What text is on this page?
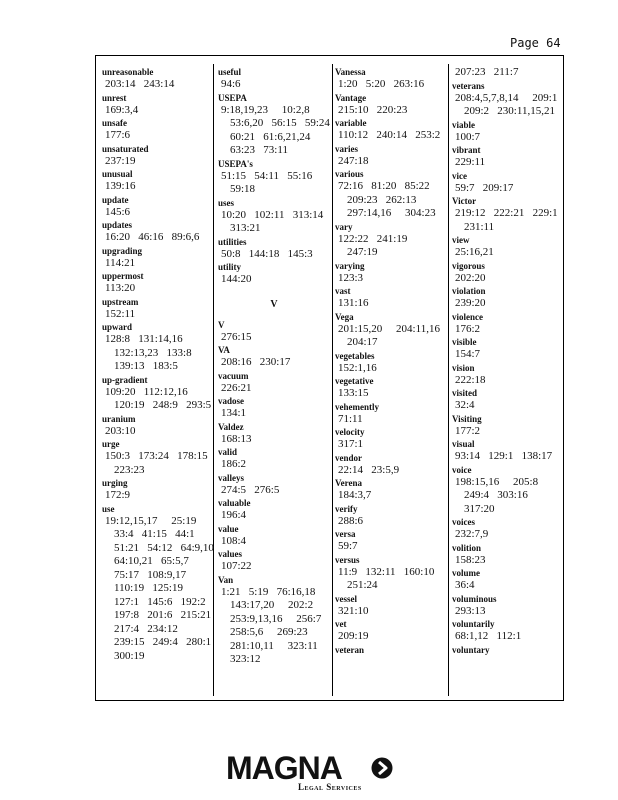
Page 64
unreasonable
203:14   243:14
unrest
169:3,4
unsafe
177:6
unsaturated
237:19
unusual
139:16
update
145:6
updates
16:20   46:16   89:6,6
upgrading
114:21
uppermost
113:20
upstream
152:11
upward
128:8   131:14,16
132:13,23   133:8
139:13   183:5
up-gradient
109:20   112:12,16
120:19   248:9   293:5
uranium
203:10
urge
150:3   173:24   178:15
223:23
urging
172:9
use
19:12,15,17     25:19
33:4   41:15   44:1
51:21   54:12   64:9,10
64:10,21   65:5,7
75:17   108:9,17
110:19   125:19
127:1   145:6   192:2
197:8   201:6   215:21
217:4   234:12
239:15   249:4   280:1
300:19
useful
94:6
USEPA
9:18,19,23     10:2,8
53:6,20   56:15   59:24
60:21   61:6,21,24
63:23   73:11
USEPA's
51:15   54:11   55:16
59:18
uses
10:20   102:11   313:14
313:21
utilities
50:8   144:18   145:3
utility
144:20
V
V
276:15
VA
208:16   230:17
vacuum
226:21
vadose
134:1
Valdez
168:13
valid
186:2
valleys
274:5   276:5
valuable
196:4
value
108:4
values
107:22
Van
1:21   5:19   76:16,18
143:17,20     202:2
253:9,13,16     256:7
258:5,6     269:23
281:10,11     323:11
323:12
Vanessa
1:20   5:20   263:16
Vantage
215:10   220:23
variable
110:12   240:14   253:2
varies
247:18
various
72:16   81:20   85:22
209:23   262:13
297:14,16     304:23
vary
122:22   241:19
247:19
varying
123:3
vast
131:16
Vega
201:15,20     204:11,16
204:17
vegetables
152:1,16
vegetative
133:15
vehemently
71:11
velocity
317:1
vendor
22:14   23:5,9
Verena
184:3,7
verify
288:6
versa
59:7
versus
11:9   132:11   160:10
251:24
vessel
321:10
vet
209:19
veteran
207:23   211:7
veterans
208:4,5,7,8,14     209:1
209:2   230:11,15,21
viable
100:7
vibrant
229:11
vice
59:7   209:17
Victor
219:12   222:21   229:1
231:11
view
25:16,21
vigorous
202:20
violation
239:20
violence
176:2
visible
154:7
vision
222:18
visited
32:4
Visiting
177:2
visual
93:14   129:1   138:17
voice
198:15,16     205:8
249:4   303:16
317:20
voices
232:7,9
volition
158:23
volume
36:4
voluminous
293:13
voluntarily
68:1,12   112:1
voluntary
MAGNA
Legal Services
